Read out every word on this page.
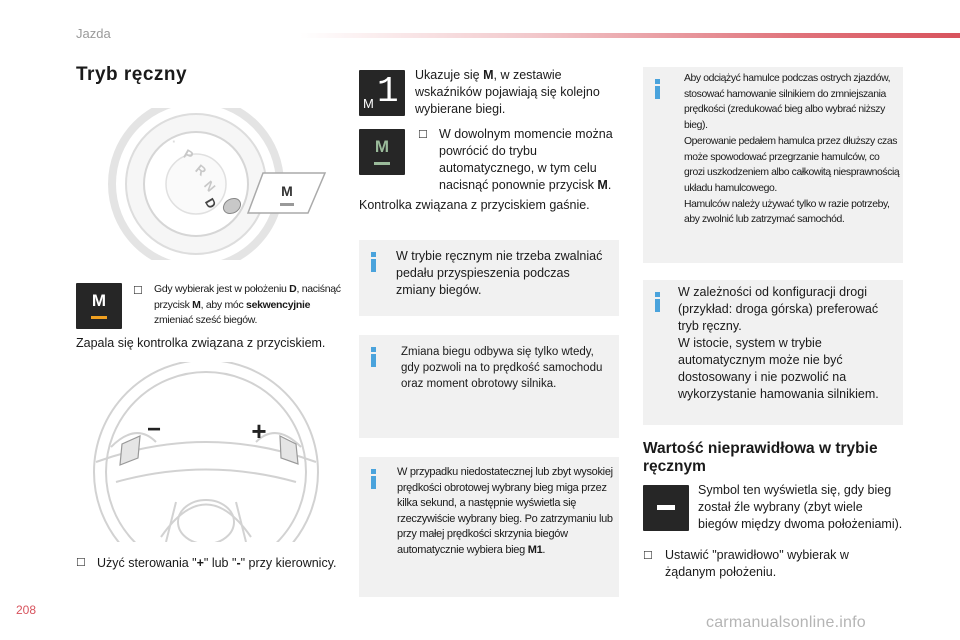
Jazda
Tryb ręczny
·
P
R
N
D
M
M	☐ Gdy wybierak jest w położeniu D, naciśnąć przycisk M, aby móc sekwencyjnie zmieniać sześć biegów.
Zapala się kontrolka związana z przyciskiem.
−	+
☐ Użyć sterowania "+" lub "-" przy kierownicy.
M 1 Ukazuje się M, w zestawie wskaźników pojawiają się kolejno wybierane biegi.
M
☐ W dowolnym momencie można powrócić do trybu automatycznego, w tym celu nacisnąć ponownie przycisk M.
Kontrolka związana z przyciskiem gaśnie.
W trybie ręcznym nie trzeba zwalniać pedału przyspieszenia podczas zmiany biegów.
Zmiana biegu odbywa się tylko wtedy, gdy pozwoli na to prędkość samochodu oraz moment obrotowy silnika.
W przypadku niedostatecznej lub zbyt wysokiej prędkości obrotowej wybrany bieg miga przez kilka sekund, a następnie wyświetla się rzeczywiście wybrany bieg. Po zatrzymaniu lub przy małej prędkości skrzynia biegów automatycznie wybiera bieg M1.
Aby odciążyć hamulce podczas ostrych zjazdów, stosować hamowanie silnikiem do zmniejszania prędkości (zredukować bieg albo wybrać niższy bieg).
Operowanie pedałem hamulca przez dłuższy czas może spowodować przegrzanie hamulców, co grozi uszkodzeniem albo całkowitą niesprawnością układu hamulcowego.
Hamulców należy używać tylko w razie potrzeby, aby zwolnić lub zatrzymać samochód.
W zależności od konfiguracji drogi (przykład: droga górska) preferować tryb ręczny.
W istocie, system w trybie automatycznym może nie być dostosowany i nie pozwolić na wykorzystanie hamowania silnikiem.
Wartość nieprawidłowa w trybie ręcznym
Symbol ten wyświetla się, gdy bieg został źle wybrany (zbyt wiele biegów między dwoma położeniami).
☐ Ustawić "prawidłowo" wybierak w żądanym położeniu.
208
carmanualsonline.info
